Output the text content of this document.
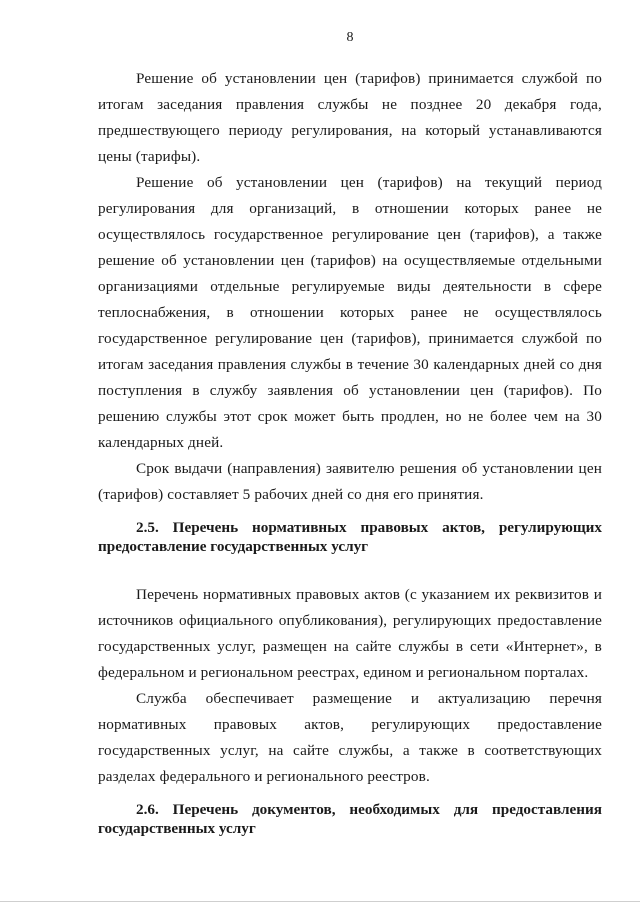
8

Решение об установлении цен (тарифов) принимается службой по итогам заседания правления службы не позднее 20 декабря года, предшествующего периоду регулирования, на который устанавливаются цены (тарифы).

Решение об установлении цен (тарифов) на текущий период регулирования для организаций, в отношении которых ранее не осуществлялось государственное регулирование цен (тарифов), а также решение об установлении цен (тарифов) на осуществляемые отдельными организациями отдельные регулируемые виды деятельности в сфере теплоснабжения, в отношении которых ранее не осуществлялось государственное регулирование цен (тарифов), принимается службой по итогам заседания правления службы в течение 30 календарных дней со дня поступления в службу заявления об установлении цен (тарифов). По решению службы этот срок может быть продлен, но не более чем на 30 календарных дней.

Срок выдачи (направления) заявителю решения об установлении цен (тарифов) составляет 5 рабочих дней со дня его принятия.

2.5. Перечень нормативных правовых актов, регулирующих предоставление государственных услуг

Перечень нормативных правовых актов (с указанием их реквизитов и источников официального опубликования), регулирующих предоставление государственных услуг, размещен на сайте службы в сети «Интернет», в федеральном и региональном реестрах, едином и региональном порталах.

Служба обеспечивает размещение и актуализацию перечня нормативных правовых актов, регулирующих предоставление государственных услуг, на сайте службы, а также в соответствующих разделах федерального и регионального реестров.

2.6. Перечень документов, необходимых для предоставления государственных услуг
